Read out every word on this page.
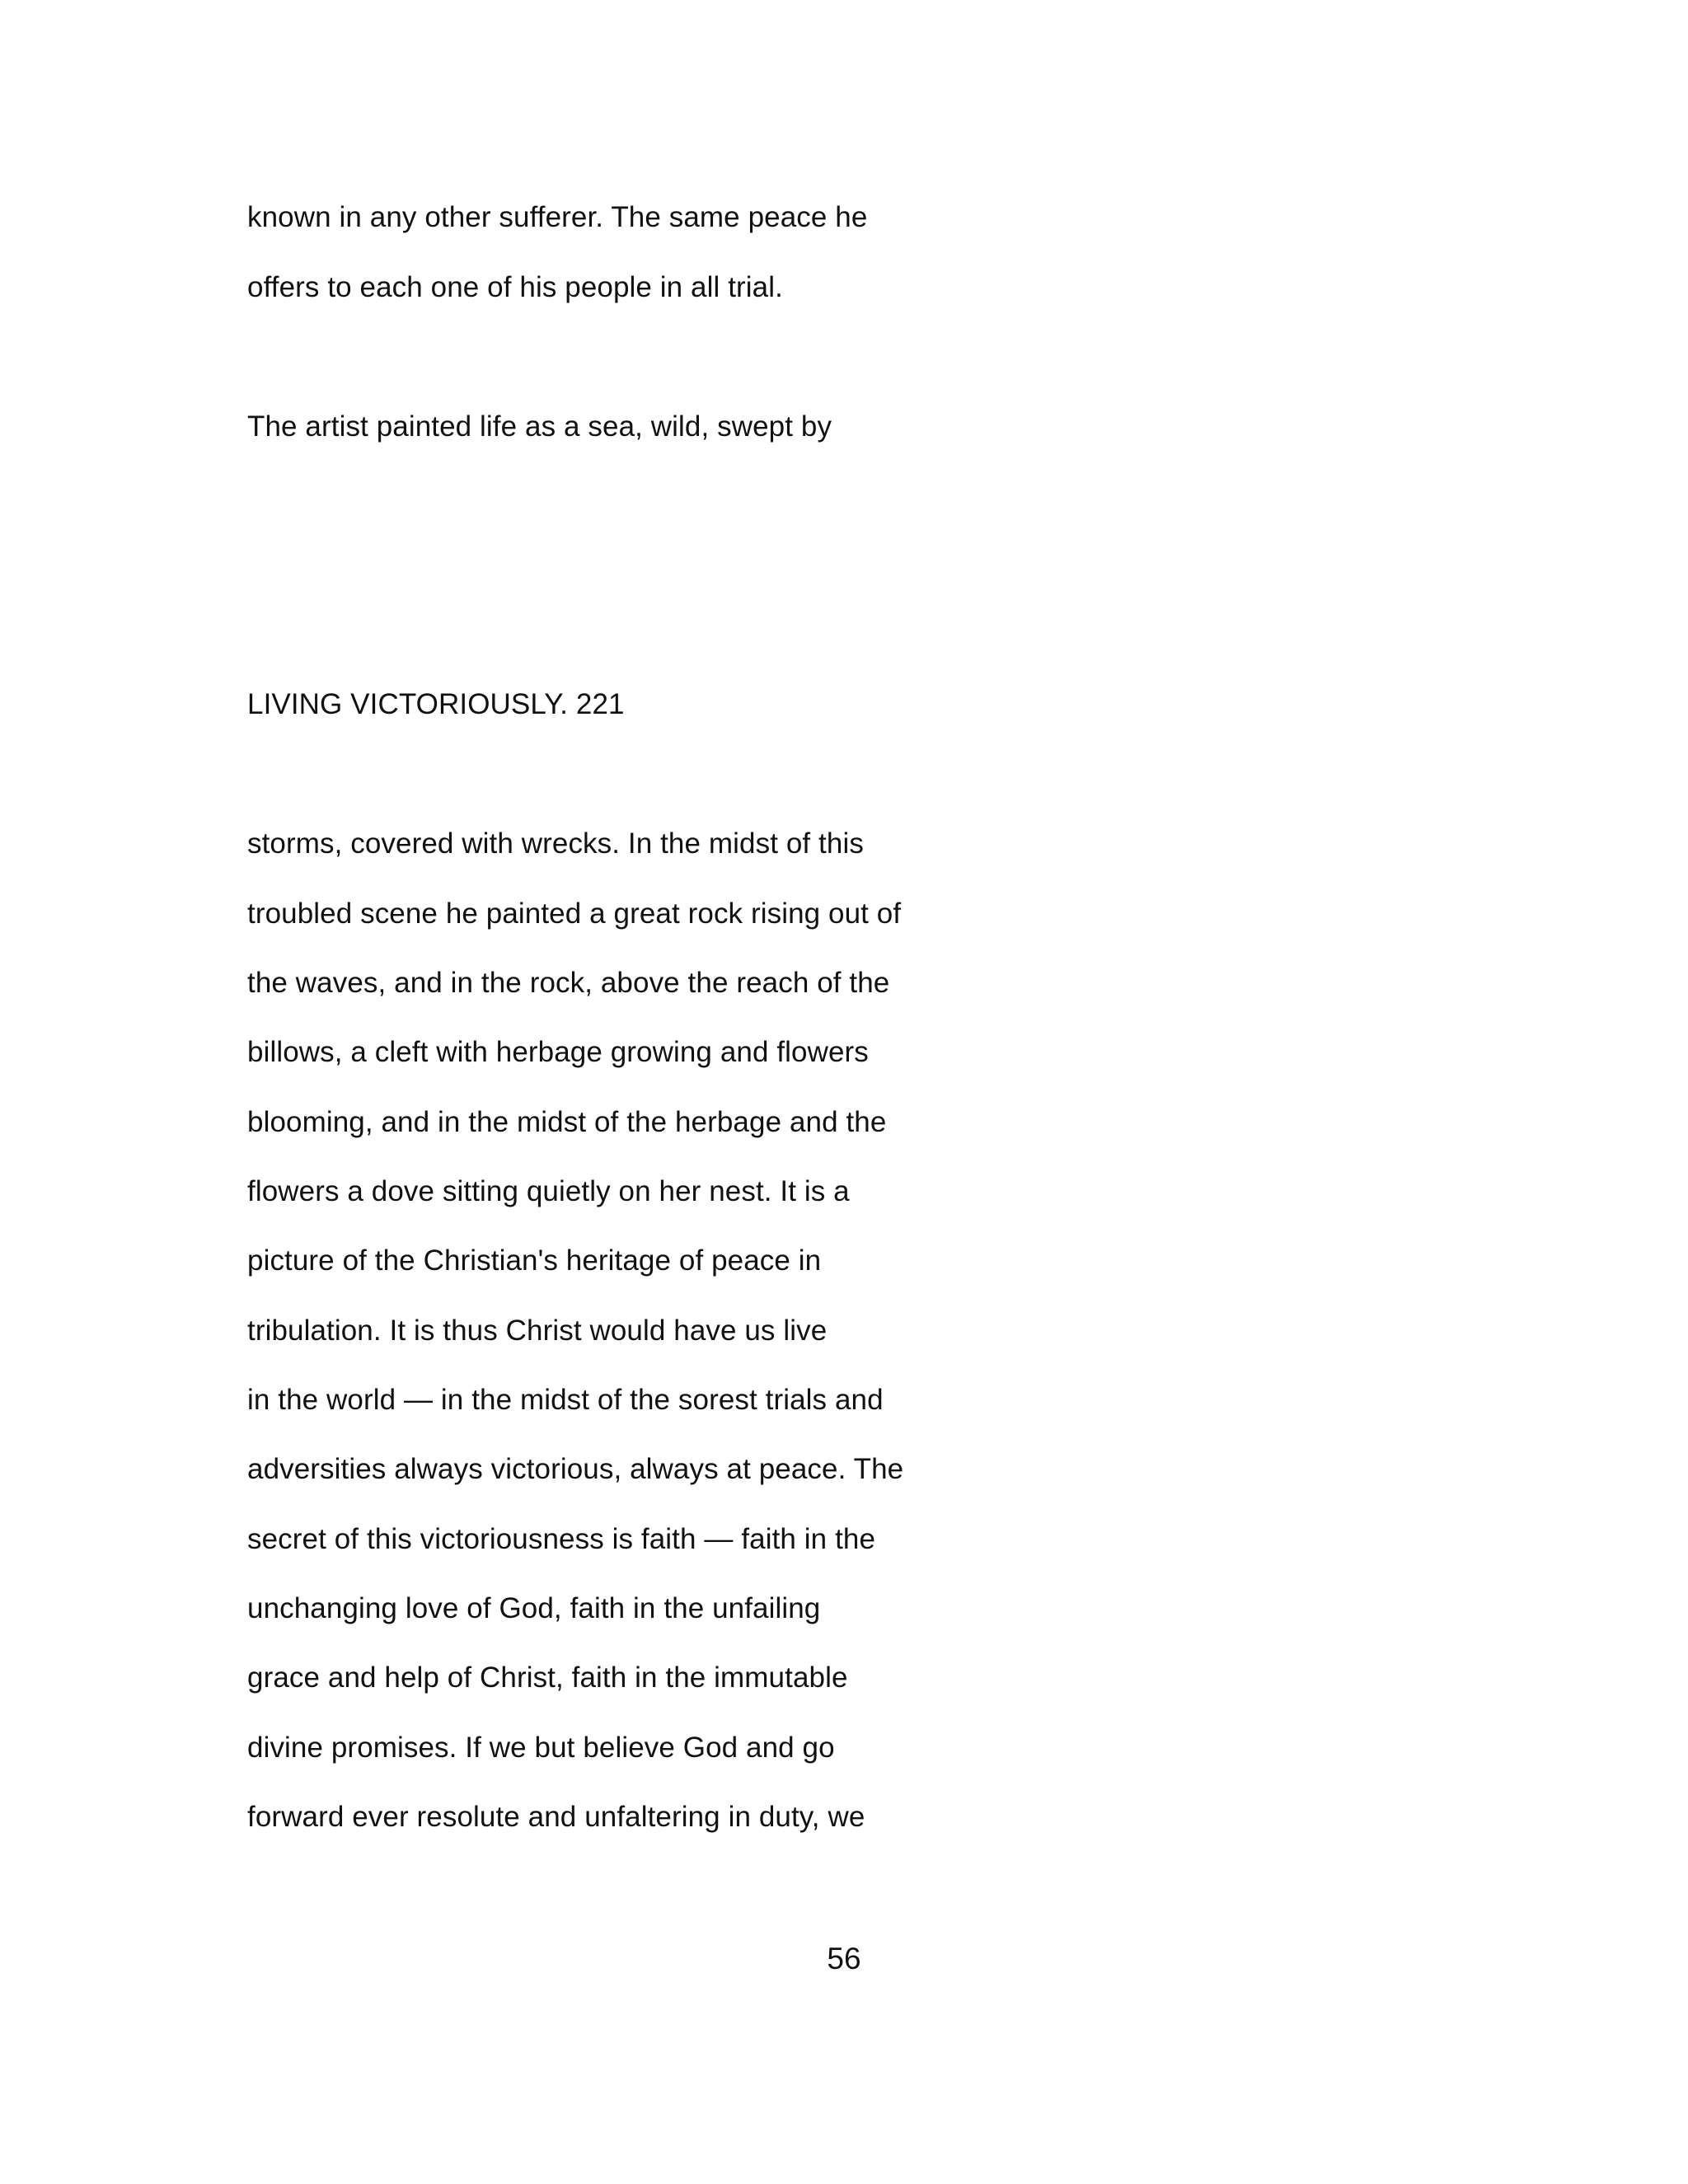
known in any other sufferer. The same peace he
offers to each one of his people in all trial.
The artist painted life as a sea, wild, swept by
LIVING VICTORIOUSLY. 221
storms, covered with wrecks. In the midst of this
troubled scene he painted a great rock rising out of
the waves, and in the rock, above the reach of the
billows, a cleft with herbage growing and flowers
blooming, and in the midst of the herbage and the
flowers a dove sitting quietly on her nest. It is a
picture of the Christian's heritage of peace in
tribulation. It is thus Christ would have us live
in the world — in the midst of the sorest trials and
adversities always victorious, always at peace. The
secret of this victoriousness is faith — faith in the
unchanging love of God, faith in the unfailing
grace and help of Christ, faith in the immutable
divine promises. If we but believe God and go
forward ever resolute and unfaltering in duty, we
56
